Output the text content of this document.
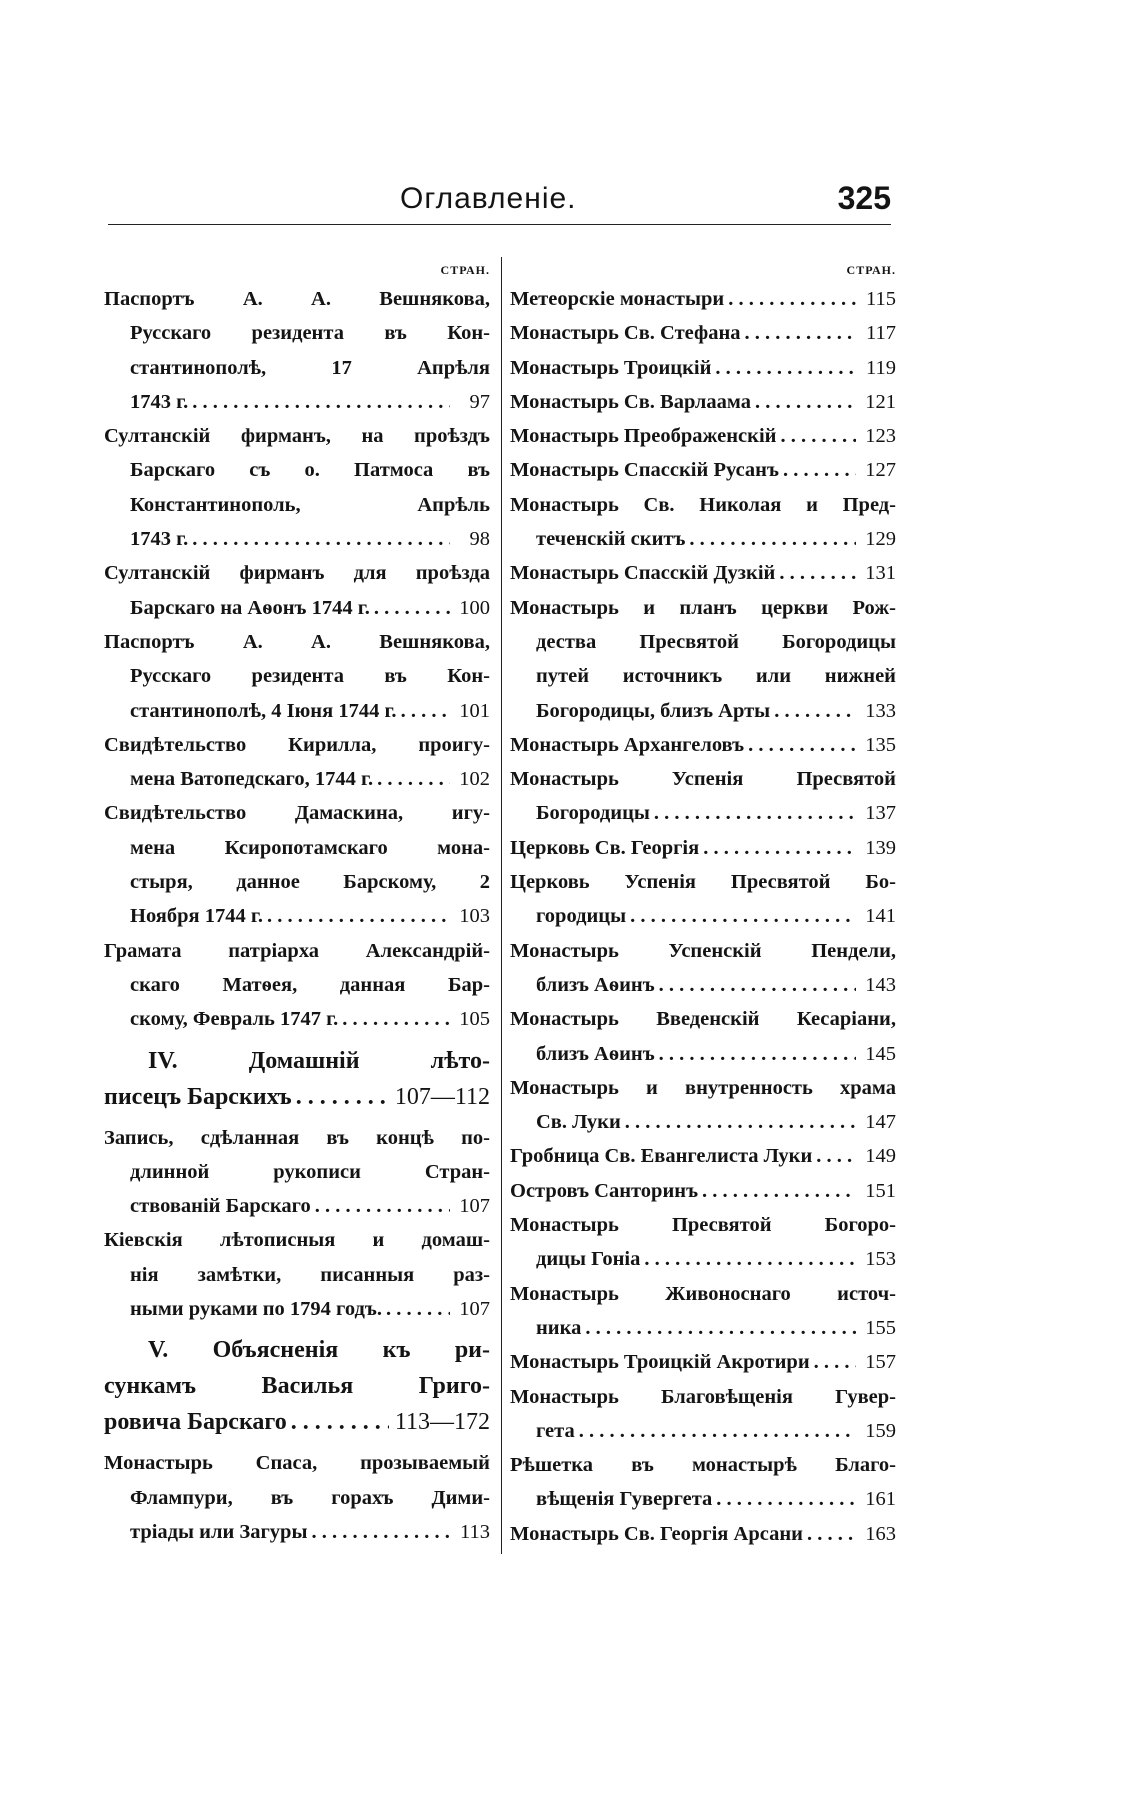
Оглавленіе.	325
СТРАН.
Паспортъ А. А. Вешнякова,
Русскаго резидента въ Кон-
стантинополѣ, 17 Апрѣля
1743 г. . . .	97
Султанскій фирманъ, на проѣздъ
Барскаго съ о. Патмоса въ
Константинополь, Апрѣль
1743 г. . . .	98
Султанскій фирманъ для проѣзда
Барскаго на Аѳонъ 1744 г. . . .	100
Паспортъ А. А. Вешнякова,
Русскаго резидента въ Кон-
стантинополѣ, 4 Іюня 1744 г. . . .	101
Свидѣтельство Кирилла, проигу-
мена Ватопедскаго, 1744 г. . . .	102
Свидѣтельство Дамаскина, игу-
мена Ксиропотамскаго мона-
стыря, данное Барскому, 2
Ноября 1744 г. . . .	103
Грамата патріарха Александрій-
скаго Матѳея, данная Бар-
скому, Февраль 1747 г. . . .	105
IV. Домашній лѣто-
писецъ Барскихъ . . .	107—112
Запись, сдѣланная въ концѣ по-
длинной рукописи Стран-
ствованій Барскаго . . .	107
Кіевскія лѣтописныя и домаш-
нія замѣтки, писанныя раз-
ными руками по 1794 годъ. . . .	107
V. Объясненія къ ри-
сункамъ Василья Григо-
ровича Барскаго . . .	113—172
Монастырь Спаса, прозываемый
Флампури, въ горахъ Дими-
тріады или Загуры . . .	113
СТРАН.
Метеорскіе монастыри . . .	115
Монастырь Св. Стефана . . .	117
Монастырь Троицкій . . .	119
Монастырь Св. Варлаама . . .	121
Монастырь Преображенскій . . .	123
Монастырь Спасскій Русанъ . . .	127
Монастырь Св. Николая и Пред-
теченскій скитъ . . .	129
Монастырь Спасскій Дузкій . . .	131
Монастырь и планъ церкви Рож-
дества Пресвятой Богородицы
путей источникъ или нижней
Богородицы, близъ Арты . . .	133
Монастырь Архангеловъ . . .	135
Монастырь Успенія Пресвятой
Богородицы . . .	137
Церковь Св. Георгія . . .	139
Церковь Успенія Пресвятой Бо-
городицы . . .	141
Монастырь Успенскій Пендели,
близъ Аѳинъ . . .	143
Монастырь Введенскій Кесаріани,
близъ Аѳинъ . . .	145
Монастырь и внутренность храма
Св. Луки . . .	147
Гробница Св. Евангелиста Луки . . .	149
Островъ Санторинъ . . .	151
Монастырь Пресвятой Богоро-
дицы Гоніа . . .	153
Монастырь Живоноснаго источ-
ника . . .	155
Монастырь Троицкій Акротири . . .	157
Монастырь Благовѣщенія Гувер-
гета . . .	159
Рѣшетка въ монастырѣ Благо-
вѣщенія Гувергета . . .	161
Монастырь Св. Георгія Арсани . . .	163
